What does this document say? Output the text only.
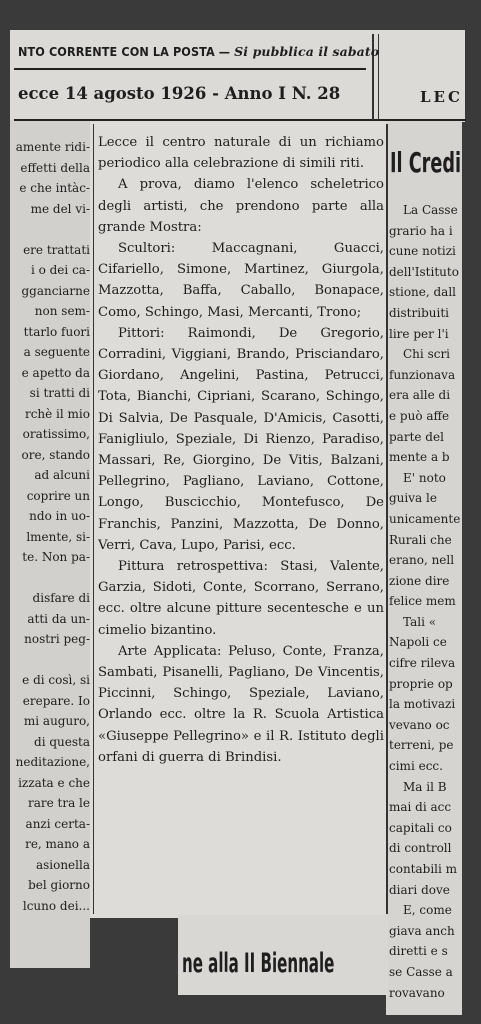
NTO CORRENTE CON LA POSTA — Si pubblica il sabato
ecce 14 agosto 1926 - Anno I N. 28	LEC
amente ridi-
effetti della
e che intàc-
me del vi-
ere trattati
i o dei ca-
gganciarne
non sem-
ttarlo fuori
a seguente
e apetto da
si tratti di
rchè il mio
oratissimo,
ore, stando
ad alcuni
coprire un
ndo in uo-
lmente, si-
te. Non pa-
disfare di
atti da un-
nostri peg-
e di così, si
erepare. Io
mi auguro,
di questa
neditazione,
izzata e che
rare tra le
anzi certa-
re, mano a
asionella
bel giorno
lcuno dei...

Lecce il centro naturale di un richiamo periodico alla celebrazione di simili riti.

A prova, diamo l'elenco scheletrico degli artisti, che prendono parte alla grande Mostra:

Scultori: Maccagnani, Guacci, Cifariello, Simone, Martinez, Giurgola, Mazzotta, Baffa, Caballo, Bonapace, Como, Schingo, Masi, Mercanti, Trono;

Pittori: Raimondi, De Gregorio, Corradini, Viggiani, Brando, Prisciandaro, Giordano, Angelini, Pastina, Petrucci, Tota, Bianchi, Cipriani, Scarano, Schingo, Di Salvia, De Pasquale, D'Amicis, Casotti, Fanigliulo, Speziale, Di Rienzo, Paradiso, Massari, Re, Giorgino, De Vitis, Balzani, Pellegrino, Pagliano, Laviano, Cottone, Longo, Buscicchio, Montefusco, De Franchis, Panzini, Mazzotta, De Donno, Verri, Cava, Lupo, Parisi, ecc.

Pittura retrospettiva: Stasi, Valente, Garzia, Sidoti, Conte, Scorrano, Serrano, ecc. oltre alcune pitture secentesche e un cimelio bizantino.

Arte Applicata: Peluso, Conte, Franza, Sambati, Pisanelli, Pagliano, De Vincentis, Piccinni, Schingo, Speziale, Laviano, Orlando ecc. oltre la R. Scuola Artistica «Giuseppe Pellegrino» e il R. Istituto degli orfani di guerra di Brindisi.

Il Credi
La Casse
grario ha i
cune notizi
dell'Istituto
stione, dall
distribuiti
lire per l'i
Chi scri
funzionava
era alle di
e può affe
parte del
mente a b
E' noto
guiva le
unicamente
Rurali che
erano, nell
zione dire
felice mem
Tali «
Napoli ce
cifre rileva
proprie op
la motivazi
vevano oc
terreni, pe
cimi ecc.
Ma il B
mai di acc
capitali co
di controll
contabili m
diari dove
E, come
giava anch
diretti e s
se Casse a
rovavano
ne alla II Biennale
